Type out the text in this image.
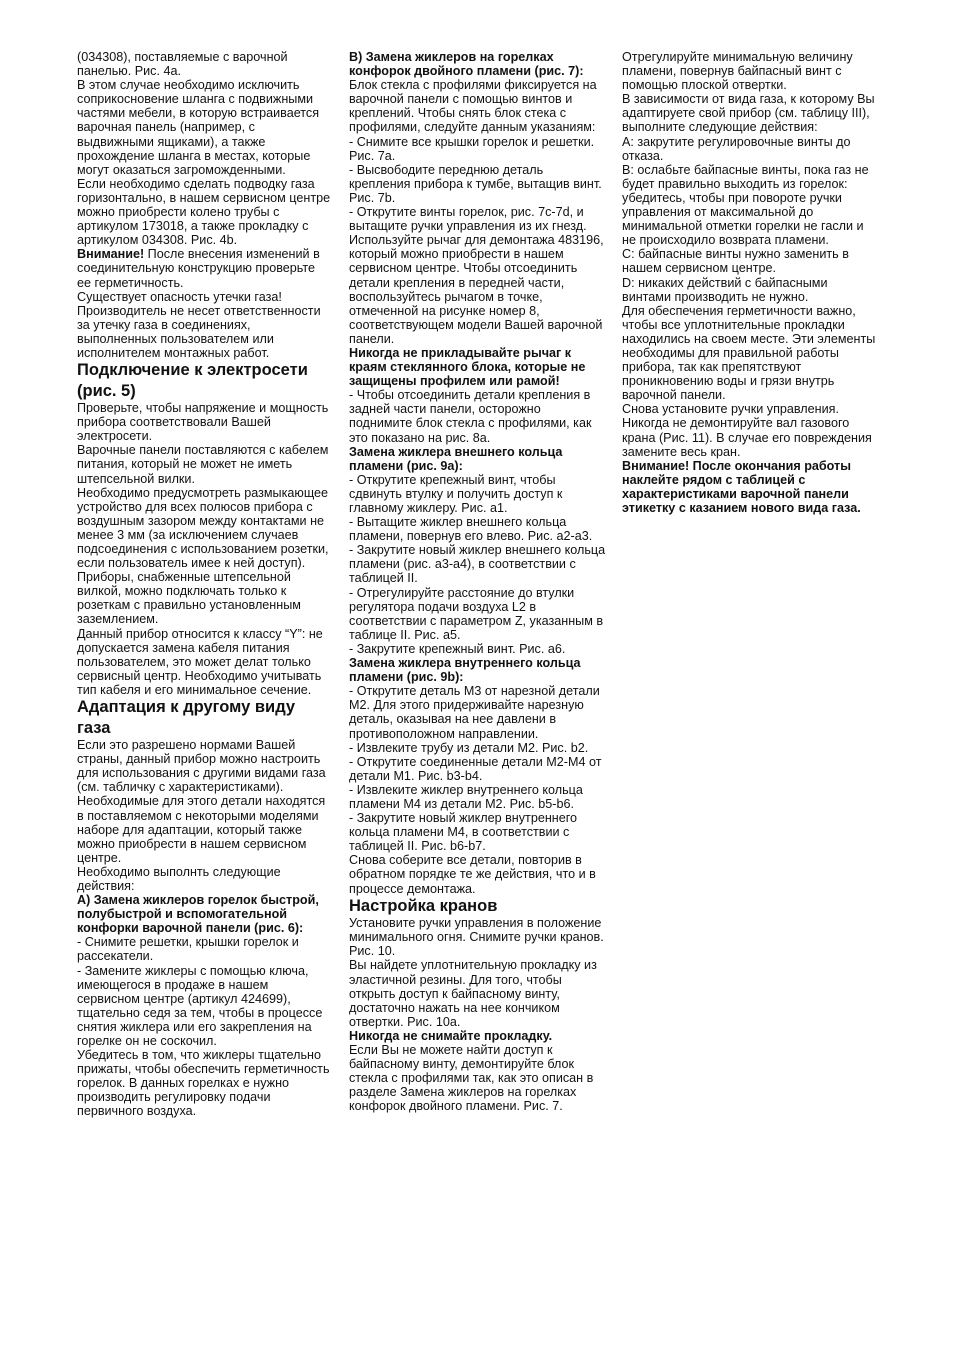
(034308), поставляемые с варочной панелью. Рис. 4а.

В этом случае необходимо исключить соприкосновение шланга с подвижными частями мебели, в которую встраивается варочная панель (например, с выдвижными ящиками), а также прохождение шланга в местах, которые могут оказаться загроможденными.

Если необходимо сделать подводку газа горизонтально, в нашем сервисном центре можно приобрести колено трубы с артикулом 173018, а также прокладку с артикулом 034308. Рис. 4b.

Внимание! После внесения изменений в соединительную конструкцию проверьте ее герметичность.

Существует опасность утечки газа! Производитель не несет ответственности за утечку газа в соединениях, выполненных пользователем или исполнителем монтажных работ.

Подключение к электросети (рис. 5)

Проверьте, чтобы напряжение и мощность прибора соответствовали Вашей электросети.

Варочные панели поставляются с кабелем питания, который не может не иметь штепсельной вилки.

Необходимо предусмотреть размыкающее устройство для всех полюсов прибора с воздушным зазором между контактами не менее 3 мм (за исключением случаев подсоединения с использованием розетки, если пользователь имее к ней доступ).

Приборы, снабженные штепсельной вилкой, можно подключать только к розеткам с правильно установленным заземлением.

Данный прибор относится к классу “Y”: не допускается замена кабеля питания пользователем, это может делат только сервисный центр. Необходимо учитывать тип кабеля и его минимальное сечение.

Адаптация к другому виду газа

Если это разрешено нормами Вашей страны, данный прибор можно настроить для использования с другими видами газа (см. табличку с характеристиками). Необходимые для этого детали находятся в поставляемом с некоторыми моделями наборе для адаптации, который также можно приобрести в нашем сервисном центре.

Необходимо выполнть следующие действия:

А) Замена жиклеров горелок быстрой, полубыстрой и вспомогательной конфорки варочной панели (рис. 6):

- Снимите решетки, крышки горелок и рассекатели.

- Замените жиклеры с помощью ключа, имеющегося в продаже в нашем сервисном центре (артикул 424699), тщательно седя за тем, чтобы в процессе снятия жиклера или его закрепления на горелке он не соскочил.

Убедитесь в том, что жиклеры тщательно прижаты, чтобы обеспечить герметичность горелок. В данных горелках е нужно производить регулировку подачи первичного воздуха.

В) Замена жиклеров на горелках конфорок двойного пламени (рис. 7):

Блок стекла с профилями фиксируется на варочной панели с помощью винтов и креплений. Чтобы снять блок стека с профилями, следуйте данным указаниям:

- Снимите все крышки горелок и решетки. Рис. 7а.

- Высвободите переднюю деталь крепления прибора к тумбе, вытащив винт. Рис. 7b.

- Открутите винты горелок, рис. 7c-7d, и вытащите ручки управления из их гнезд.

Используйте рычаг для демонтажа 483196, который можно приобрести в нашем сервисном центре. Чтобы отсоединить детали крепления в передней части, воспользуйтесь рычагом в точке, отмеченной на рисунке номер 8, соответствующем модели Вашей варочной панели.

Никогда не прикладывайте рычаг к краям стеклянного блока, которые не защищены профилем или рамой!

- Чтобы отсоединить детали крепления в задней части панели, осторожно поднимите блок стекла с профилями, как это показано на рис. 8а.

Замена жиклера внешнего кольца пламени (рис. 9а):

- Открутите крепежный винт, чтобы сдвинуть втулку и получить доступ к главному жиклеру. Рис. a1.

- Вытащите жиклер внешнего кольца пламени, повернув его влево. Рис. а2-а3.

- Закрутите новый жиклер внешнего кольца пламени (рис. а3-а4), в соответствии с таблицей II.

- Отрегулируйте расстояние до втулки регулятора подачи воздуха L2 в соответствии с параметром Z, указанным в таблице II. Рис. а5.

- Закрутите крепежный винт. Рис. а6.

Замена жиклера внутреннего кольца пламени (рис. 9b):

- Открутите деталь М3 от нарезной детали М2. Для этого придерживайте нарезную деталь, оказывая на нее давлени в противоположном направлении.

- Извлеките трубу из детали М2. Рис. b2.

- Открутите соединенные детали М2-М4 от детали М1. Рис. b3-b4.

- Извлеките жиклер внутреннего кольца пламени М4 из детали М2. Рис. b5-b6.

- Закрутите новый жиклер внутреннего кольца пламени М4, в соответствии с таблицей II. Рис. b6-b7.

Снова соберите все детали, повторив в обратном порядке те же действия, что и в процессе демонтажа.

Настройка кранов

Установите ручки управления в положение минимального огня. Снимите ручки кранов. Рис. 10.

Вы найдете уплотнительную прокладку из эластичной резины. Для того, чтобы открыть доступ к байпасному винту, достаточно нажать на нее кончиком отвертки. Рис. 10а.

Никогда не снимайте прокладку.

Если Вы не можете найти доступ к байпасному винту, демонтируйте блок стекла с профилями так, как это описан в разделе Замена жиклеров на горелках конфорок двойного пламени. Рис. 7.

Отрегулируйте минимальную величину пламени, повернув байпасный винт с помощью плоской отвертки.

В зависимости от вида газа, к которому Вы адаптируете свой прибор (см. таблицу III), выполните следующие действия:

А: закрутите регулировочные винты до отказа.

В: ослабьте байпасные винты, пока газ не будет правильно выходить из горелок:

убедитесь, чтобы при повороте ручки управления от максимальной до минимальной отметки горелки не гасли и не происходило возврата пламени.

С: байпасные винты нужно заменить в нашем сервисном центре.

D: никаких действий с байпасными винтами производить не нужно.

Для обеспечения герметичности важно, чтобы все уплотнительные прокладки находились на своем месте. Эти элементы необходимы для правильной работы прибора, так как препятствуют проникновению воды и грязи внутрь варочной панели.

Снова установите ручки управления.

Никогда не демонтируйте вал газового крана (Рис. 11). В случае его повреждения замените весь кран.

Внимание! После окончания работы наклейте рядом с таблицей с характеристиками варочной панели этикетку с казанием нового вида газа.
